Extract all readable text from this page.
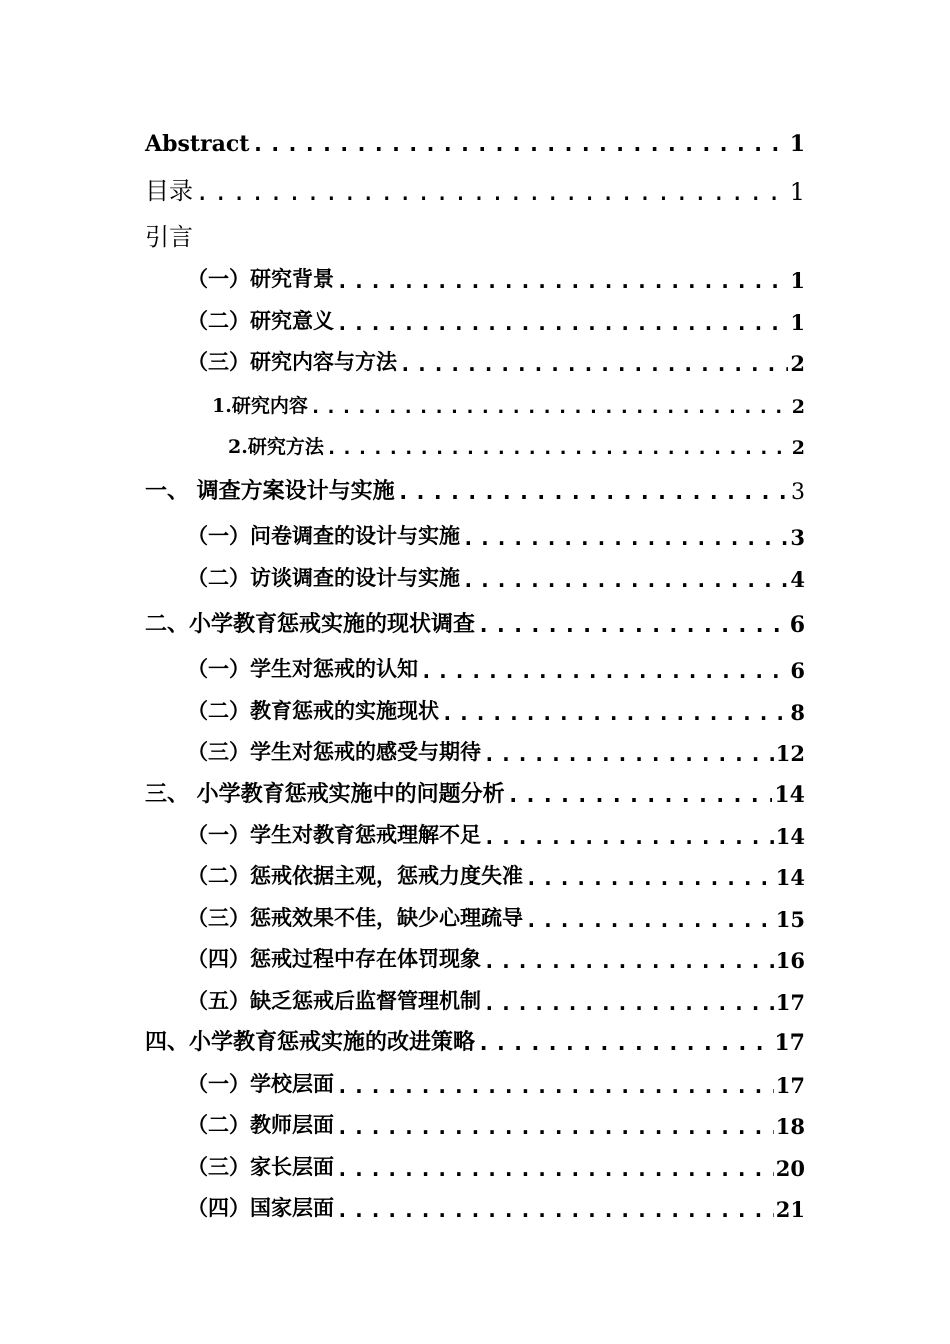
Abstract .....	1
目录 .....	1
引言
（一）研究背景 .....	1
（二）研究意义 .....	1
（三）研究内容与方法 .....	2
1.研究内容 .....	2
2.研究方法 .....	2
一、 调查方案设计与实施 .....	3
（一）问卷调查的设计与实施 .....	3
（二）访谈调查的设计与实施 .....	4
二、小学教育惩戒实施的现状调查 .....	6
（一）学生对惩戒的认知 .....	6
（二）教育惩戒的实施现状 .....	8
（三）学生对惩戒的感受与期待 .....	12
三、 小学教育惩戒实施中的问题分析 .....	14
（一）学生对教育惩戒理解不足 .....	14
（二）惩戒依据主观，惩戒力度失准 .....	14
（三）惩戒效果不佳，缺少心理疏导 .....	15
（四）惩戒过程中存在体罚现象 .....	16
（五）缺乏惩戒后监督管理机制 .....	17
四、小学教育惩戒实施的改进策略 .....	17
（一）学校层面 .....	17
（二）教师层面 .....	18
（三）家长层面 .....	20
（四）国家层面 .....	21
